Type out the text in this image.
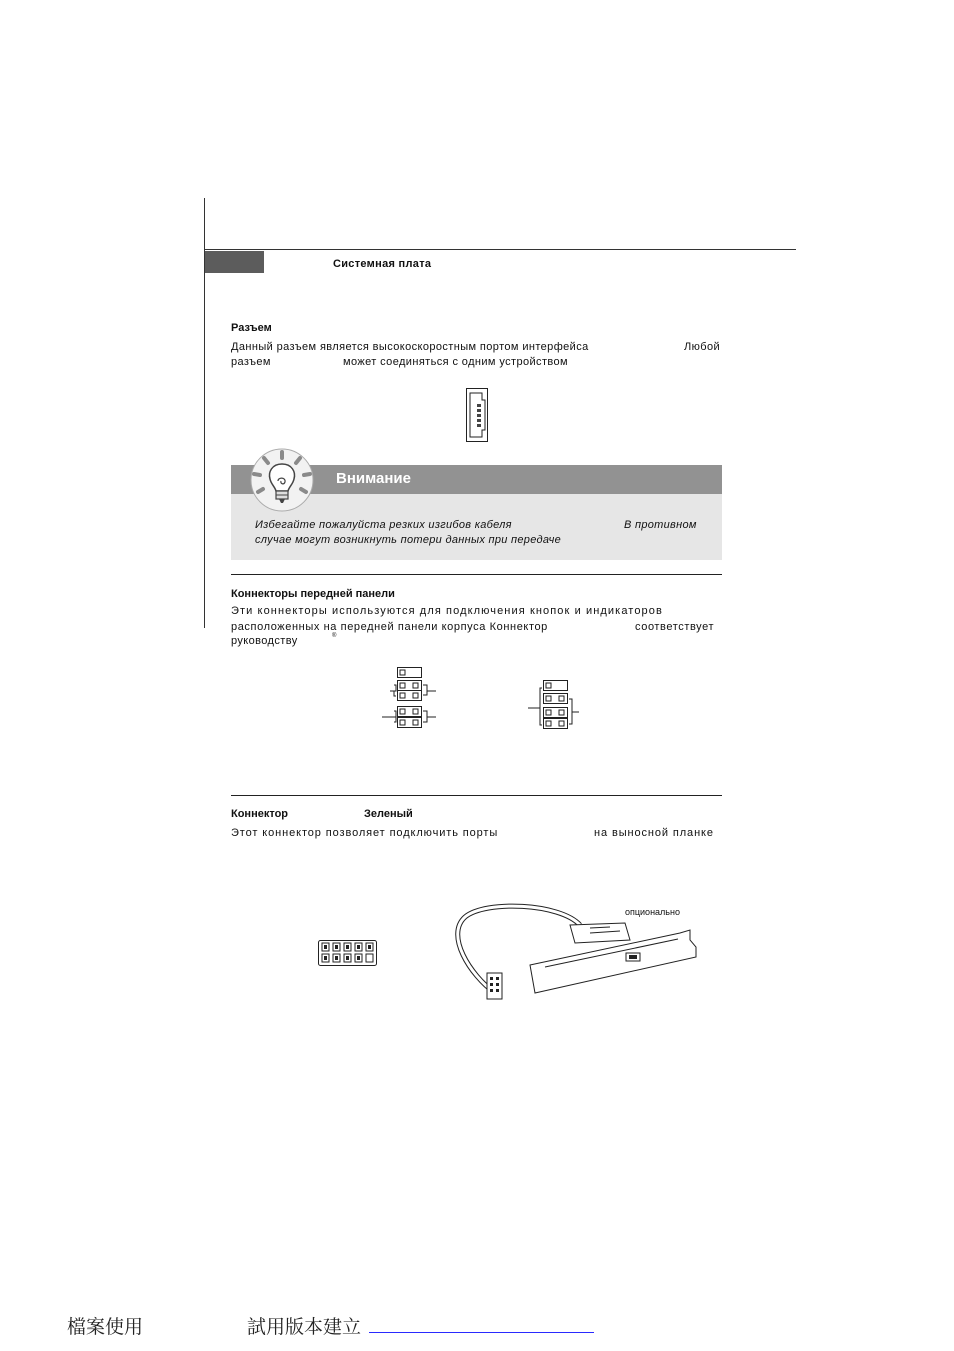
Системная плата
Разъем
Данный разъем является высокоскоростным портом интерфейса	Любой
разъем	может соединяться с одним устройством
Внимание
Избегайте пожалуйста резких изгибов кабеля	В противном
случае могут возникнуть потери данных при передаче
Коннекторы передней панели
Эти коннекторы используются для подключения кнопок и индикаторов
расположенных на передней панели корпуса Коннектор	соответствует
руководству	®
Коннектор	Зеленый
Этот коннектор позволяет подключить порты	на выносной планке
опционально
檔案使用	試用版本建立
